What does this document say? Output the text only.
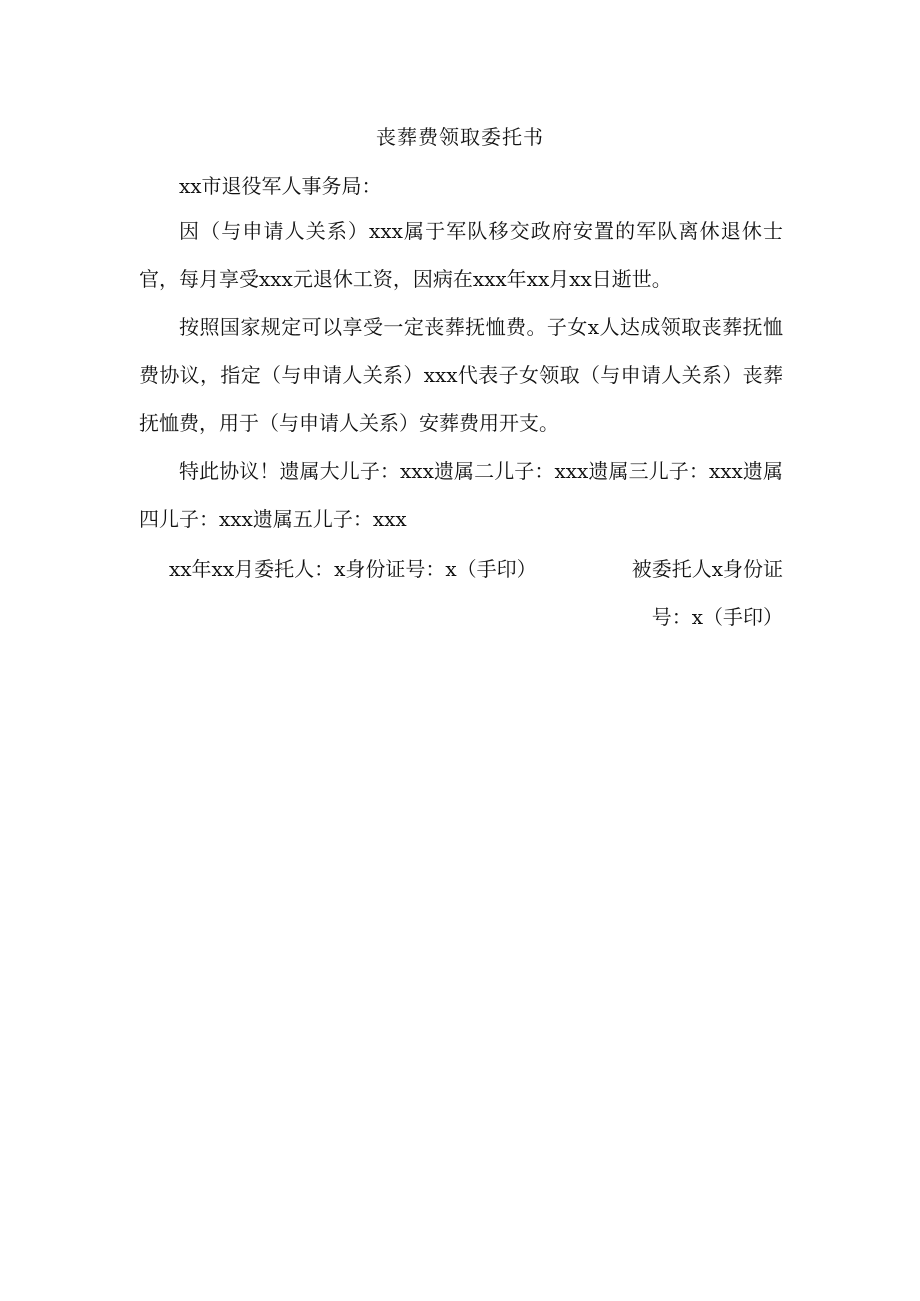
丧葬费领取委托书

xx市退役军人事务局：

因（与申请人关系）xxx属于军队移交政府安置的军队离休退休士官，每月享受xxx元退休工资，因病在xxx年xx月xx日逝世。

按照国家规定可以享受一定丧葬抚恤费。子女x人达成领取丧葬抚恤费协议，指定（与申请人关系）xxx代表子女领取（与申请人关系）丧葬抚恤费，用于（与申请人关系）安葬费用开支。

特此协议！遗属大儿子：xxx遗属二儿子：xxx遗属三儿子：xxx遗属四儿子：xxx遗属五儿子：xxx

xx年xx月委托人：x身份证号：x（手印）	被委托人x身份证
号：x（手印）
